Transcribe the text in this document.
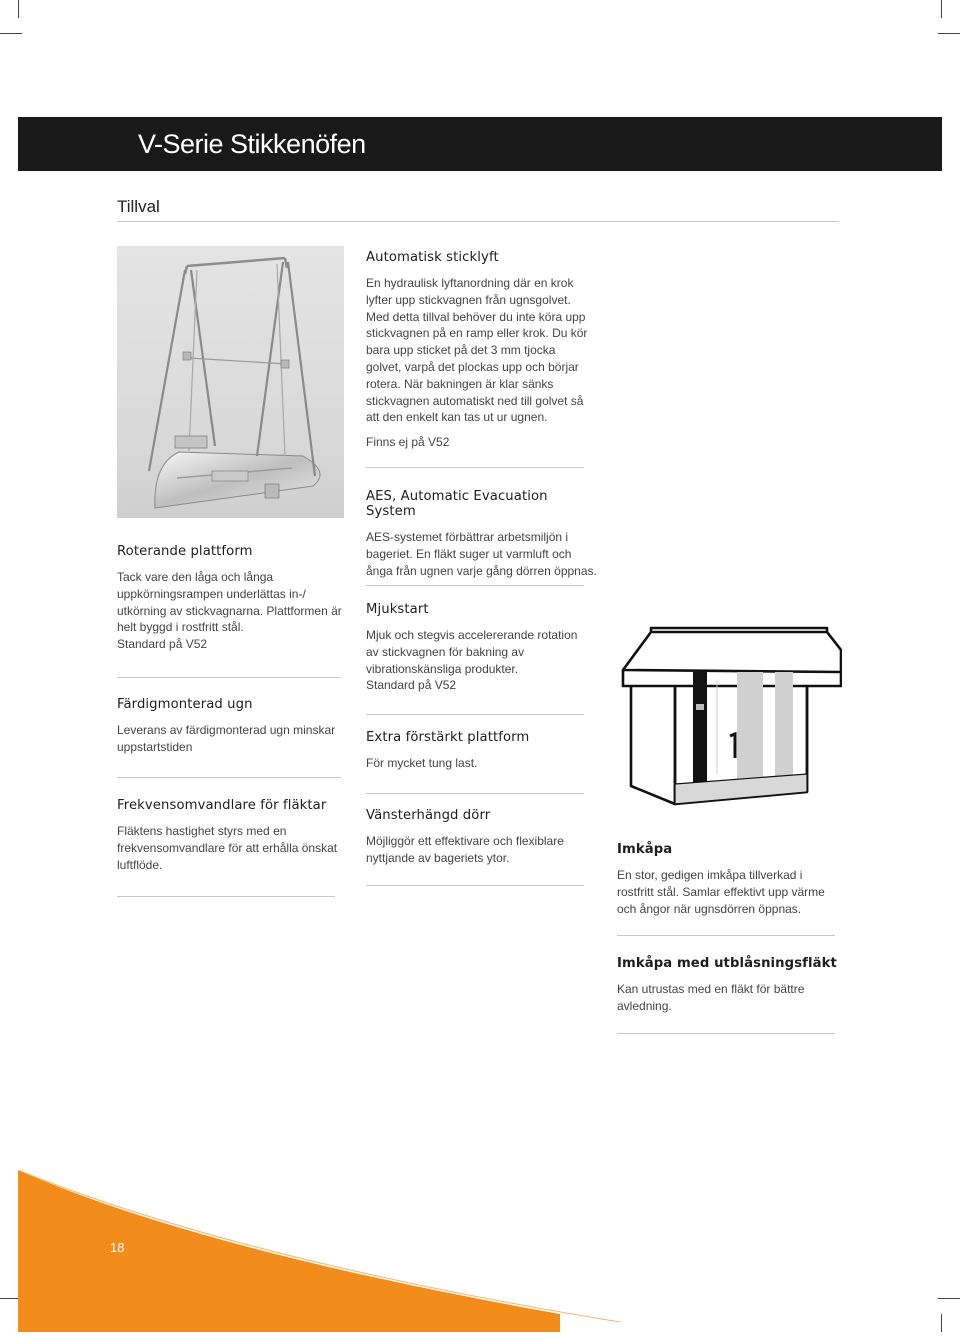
V-Serie Stikkenöfen
Tillval
Automatisk sticklyft

En hydraulisk lyftanordning där en krok lyfter upp stickvagnen från ugnsgolvet. Med detta tillval behöver du inte köra upp stickvagnen på en ramp eller krok. Du kör bara upp sticket på det 3 mm tjocka golvet, varpå det plockas upp och börjar rotera. När bakningen är klar sänks stickvagnen automatiskt ned till golvet så att den enkelt kan tas ut ur ugnen.

Finns ej på V52

AES, Automatic Evacuation System

AES-systemet förbättrar arbetsmiljön i bageriet. En fläkt suger ut varmluft och ånga från ugnen varje gång dörren öppnas.

Roterande plattform

Tack vare den låga och långa uppkörningsrampen underlättas in-/ utkörning av stickvagnarna. Plattformen är helt byggd i rostfritt stål.

Standard på V52

Mjukstart

Mjuk och stegvis accelererande rotation av stickvagnen för bakning av vibrationskänsliga produkter.

Standard på V52

Färdigmonterad ugn

Leverans av färdigmonterad ugn minskar uppstartstiden

Extra förstärkt plattform

För mycket tung last.

Frekvensomvandlare för fläktar

Fläktens hastighet styrs med en frekvensomvandlare för att erhålla önskat luftflöde.

Vänsterhängd dörr

Möjliggör ett effektivare och flexiblare nyttjande av bageriets ytor.

Imkåpa

En stor, gedigen imkåpa tillverkad i rostfritt stål. Samlar effektivt upp värme och ångor när ugnsdörren öppnas.

Imkåpa med utblåsningsfläkt

Kan utrustas med en fläkt för bättre avledning.

18
